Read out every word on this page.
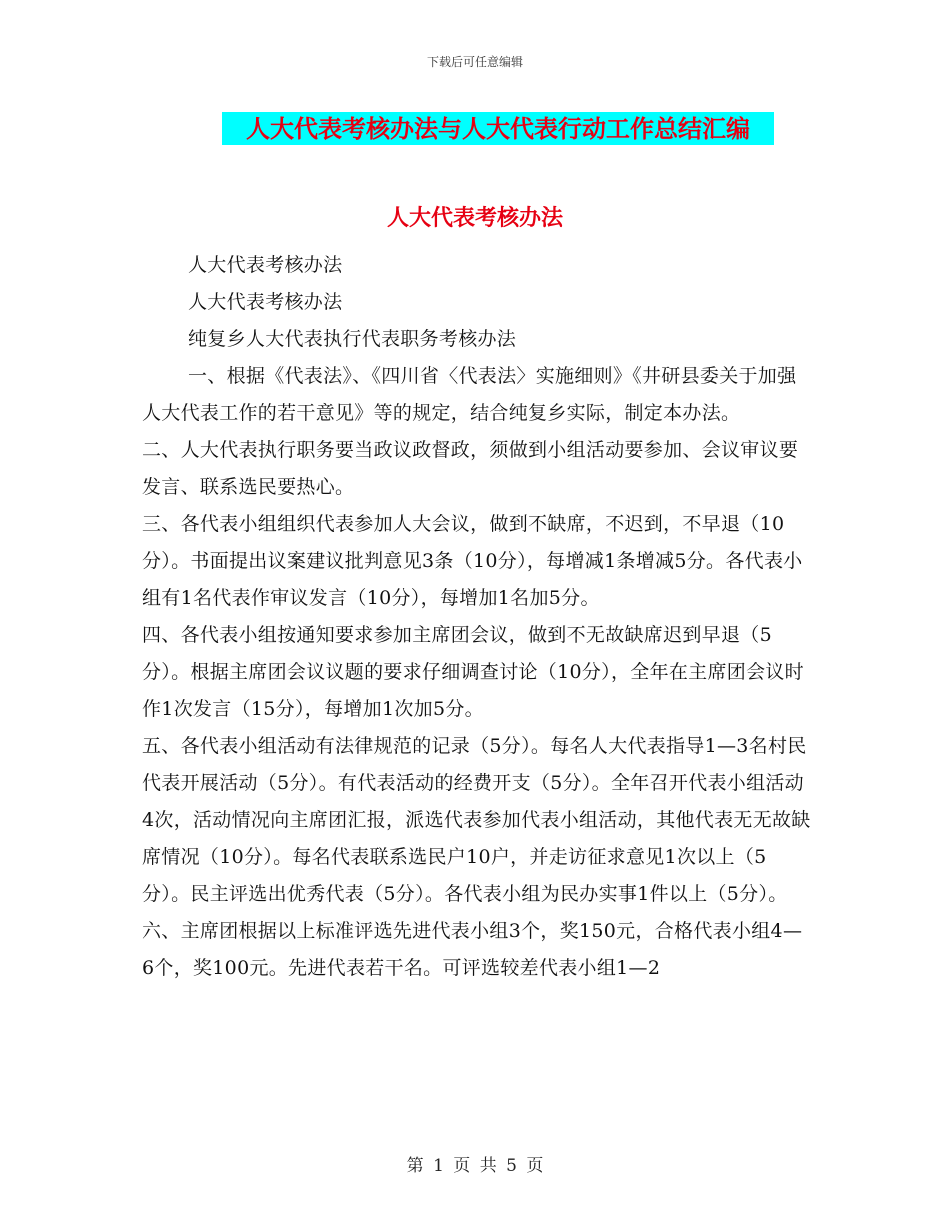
下载后可任意编辑
人大代表考核办法与人大代表行动工作总结汇编
人大代表考核办法

人大代表考核办法

人大代表考核办法

纯复乡人大代表执行代表职务考核办法

一、根据《代表法》、《四川省〈代表法〉实施细则》《井研县委关于加强人大代表工作的若干意见》等的规定，结合纯复乡实际，制定本办法。

二、人大代表执行职务要当政议政督政，须做到小组活动要参加、会议审议要发言、联系选民要热心。

三、各代表小组组织代表参加人大会议，做到不缺席，不迟到，不早退（10分）。书面提出议案建议批判意见3条（10分），每增减1条增减5分。各代表小组有1名代表作审议发言（10分），每增加1名加5分。

四、各代表小组按通知要求参加主席团会议，做到不无故缺席迟到早退（5分）。根据主席团会议议题的要求仔细调查讨论（10分），全年在主席团会议时作1次发言（15分），每增加1次加5分。

五、各代表小组活动有法律规范的记录（5分）。每名人大代表指导1—3名村民代表开展活动（5分）。有代表活动的经费开支（5分）。全年召开代表小组活动4次，活动情况向主席团汇报，派选代表参加代表小组活动，其他代表无无故缺席情况（10分）。每名代表联系选民户10户，并走访征求意见1次以上（5分）。民主评选出优秀代表（5分）。各代表小组为民办实事1件以上（5分）。

六、主席团根据以上标准评选先进代表小组3个，奖150元，合格代表小组4—6个，奖100元。先进代表若干名。可评选较差代表小组1—2

第 1 页 共 5 页
